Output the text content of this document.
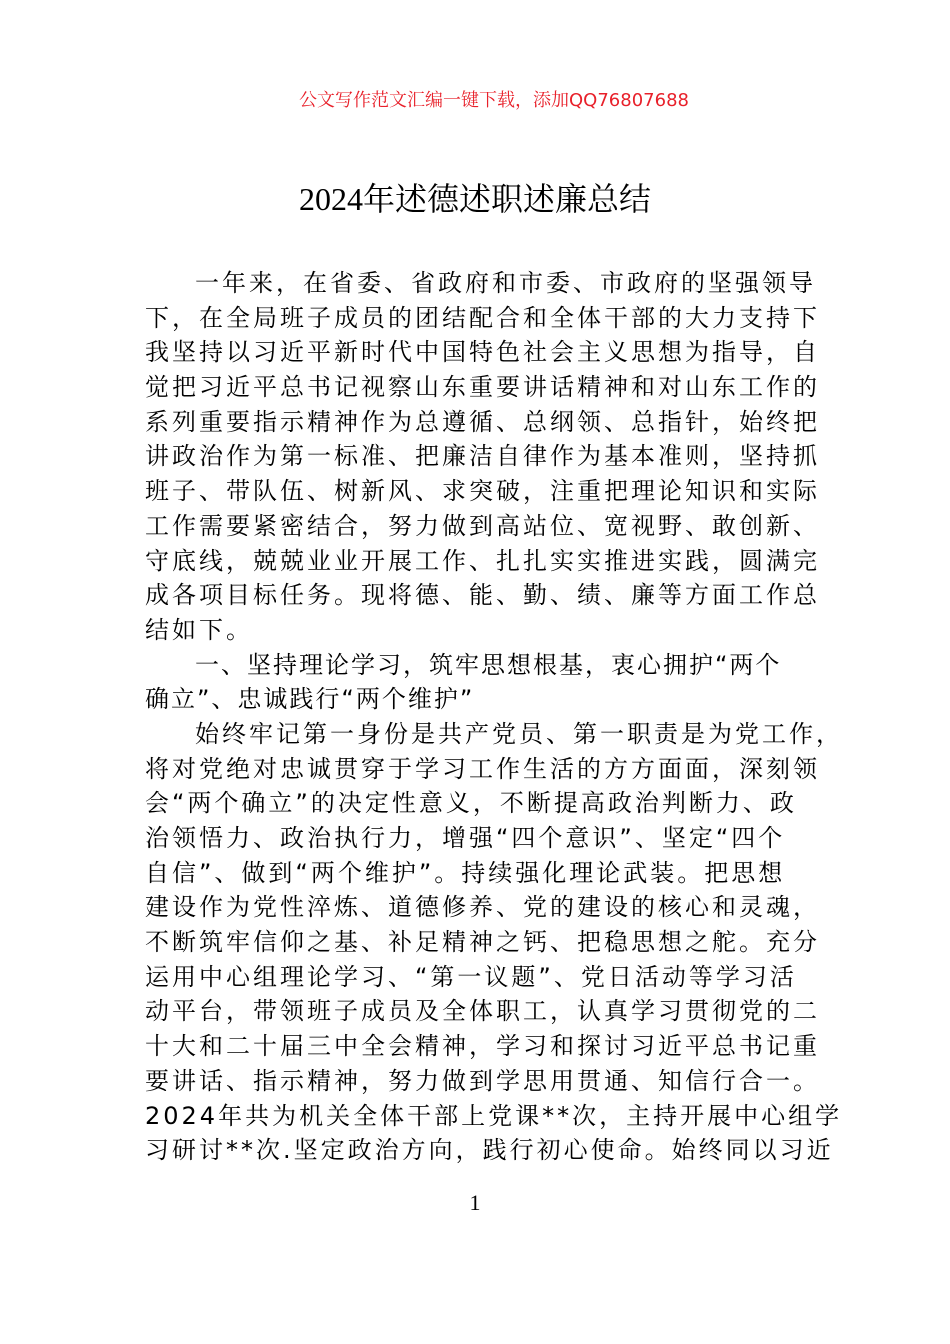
公文写作范文汇编一键下载，添加QQ76807688
2024年述德述职述廉总结
一年来，在省委、省政府和市委、市政府的坚强领导
下，在全局班子成员的团结配合和全体干部的大力支持下
我坚持以习近平新时代中国特色社会主义思想为指导，自
觉把习近平总书记视察山东重要讲话精神和对山东工作的
系列重要指示精神作为总遵循、总纲领、总指针，始终把
讲政治作为第一标准、把廉洁自律作为基本准则，坚持抓
班子、带队伍、树新风、求突破，注重把理论知识和实际
工作需要紧密结合，努力做到高站位、宽视野、敢创新、
守底线，兢兢业业开展工作、扎扎实实推进实践，圆满完
成各项目标任务。现将德、能、勤、绩、廉等方面工作总
结如下。
一、坚持理论学习，筑牢思想根基，衷心拥护“两个
确立”、忠诚践行“两个维护”
始终牢记第一身份是共产党员、第一职责是为党工作，
将对党绝对忠诚贯穿于学习工作生活的方方面面，深刻领
会“两个确立”的决定性意义，不断提高政治判断力、政
治领悟力、政治执行力，增强“四个意识”、坚定“四个
自信”、做到“两个维护”。持续强化理论武装。把思想
建设作为党性淬炼、道德修养、党的建设的核心和灵魂，
不断筑牢信仰之基、补足精神之钙、把稳思想之舵。充分
运用中心组理论学习、“第一议题”、党日活动等学习活
动平台，带领班子成员及全体职工，认真学习贯彻党的二
十大和二十届三中全会精神，学习和探讨习近平总书记重
要讲话、指示精神，努力做到学思用贯通、知信行合一。
2024年共为机关全体干部上党课**次，主持开展中心组学
习研讨**次.坚定政治方向，践行初心使命。始终同以习近
1
